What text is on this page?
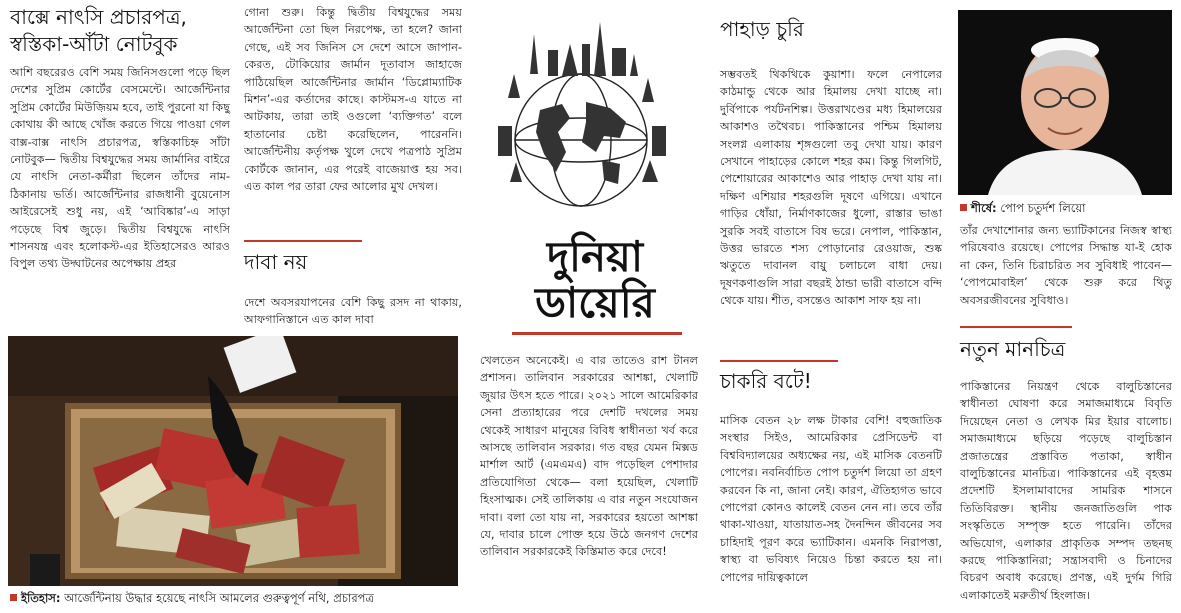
বাক্সে নাৎসি প্রচারপত্র, স্বস্তিকা-আঁটা নোটবুক

আশি বছরেরও বেশি সময় জিনিসগুলো পড়ে ছিল দেশের সুপ্রিম কোর্টের বেসমেন্টে। আর্জেন্টিনার সুপ্রিম কোর্টের মিউজ়িয়ম হবে, তাই পুরনো যা কিছু কোথায় কী আছে খোঁজ করতে গিয়ে পাওয়া গেল বাক্স-বাক্স নাৎসি প্রচারপত্র, স্বস্তিকাচিহ্ন সাঁটা নোটবুক— দ্বিতীয় বিশ্বযুদ্ধের সময় জার্মানির বাইরে যে নাৎসি নেতা-কর্মীরা ছিলেন তাঁদের নাম-ঠিকানায় ভর্তি। আর্জেন্টিনার রাজধানী বুয়েনোস আইরেসেই শুধু নয়, এই ‘আবিষ্কার’-এ সাড়া পড়েছে বিশ্ব জুড়ে। দ্বিতীয় বিশ্বযুদ্ধে নাৎসি শাসনযন্ত্র এবং হলোকস্ট-এর ইতিহাসেরও আরও বিপুল তথ্য উদ্ঘাটনের অপেক্ষায় প্রহর

গোনা শুরু। কিন্তু দ্বিতীয় বিশ্বযুদ্ধের সময় আর্জেন্টিনা তো ছিল নিরপেক্ষ, তা হলে? জানা গেছে, এই সব জিনিস সে দেশে আসে জাপান-কেরত, টোকিয়োর জার্মান দূতাবাস জাহাজে পাঠিয়েছিল আর্জেন্টিনার জার্মান ‘ডিপ্লোম্যাটিক মিশন’-এর কর্তাদের কাছে। কাস্টমস-এ যাতে না আটকায়, তারা তাই ওগুলো ‘ব্যক্তিগত’ বলে হাতানোর চেষ্টা করেছিলেন, পারেননি। আর্জেন্টিনীয় কর্তৃপক্ষ খুলে দেখে পত্রপাঠ সুপ্রিম কোর্টকে জানান, এর পরেই বাজেয়াপ্ত হয় সব। এত কাল পর তারা ফের আলোর মুখ দেখল।

দাবা নয়

দেশে অবসরযাপনের বেশি কিছু রসদ না থাকায়, আফগানিস্তানে এত কাল দাবা

ইতিহাস: আর্জেন্টিনায় উদ্ধার হয়েছে নাৎসি আমলের গুরুত্বপূর্ণ নথি, প্রচারপত্র
দুনিয়া
ডায়েরি

খেলতেন অনেকেই। এ বার তাতেও রাশ টানল প্রশাসন। তালিবান সরকারের আশঙ্কা, খেলাটি জুয়ার উৎস হতে পারে। ২০২১ সালে আমেরিকার সেনা প্রত্যাহারের পরে দেশটি দখলের সময় থেকেই সাধারণ মানুষের বিবিধ স্বাধীনতা খর্ব করে আসছে তালিবান সরকার। গত বছর যেমন মিক্সড মার্শাল আর্ট (এমএমএ) বাদ পড়েছিল পেশাদার প্রতিযোগিতা থেকে— বলা হয়েছিল, খেলাটি হিংসাত্মক। সেই তালিকায় এ বার নতুন সংযোজন দাবা। বলা তো যায় না, সরকারের হয়তো আশঙ্কা যে, দাবার চালে পোক্ত হয়ে উঠে জনগণ দেশের তালিবান সরকারকেই কিস্তিমাত করে দেবে!

পাহাড় চুরি

সম্ভবতই থিকথিকে কুয়াশা। ফলে নেপালের কাঠমান্ডু থেকে আর হিমালয় দেখা যাচ্ছে না। দুর্বিপাকে পর্যটনশিল্প। উত্তরাখণ্ডের মধ্য হিমালয়ের আকাশও তথৈবচ। পাকিস্তানের পশ্চিম হিমালয় সংলগ্ন এলাকায় শৃঙ্গগুলো তবু দেখা যায়। কারণ সেখানে পাহাড়ের কোলে শহর কম। কিন্তু গিলগিট, পেশোয়ারের আকাশেও আর পাহাড় দেখা যায় না। দক্ষিণ এশিয়ার শহরগুলি দূষণে এগিয়ে। এখানে গাড়ির ধোঁয়া, নির্মাণকাজের ধুলো, রাস্তার ভাঙা সুরকি সবই বাতাসে বিষ ভরে। নেপাল, পাকিস্তান, উত্তর ভারতে শস্য পোড়ানোর রেওয়াজ, শুষ্ক ঋতুতে দাবানল বায়ু চলাচলে বাধা দেয়। দূষণকণাগুলি সারা বছরই ঠান্ডা ভারী বাতাসে বন্দি থেকে যায়। শীত, বসন্তেও আকাশ সাফ হয় না।

চাকরি বটে!

মাসিক বেতন ২৮ লক্ষ টাকার বেশি! বহুজাতিক সংস্থার সিইও, আমেরিকার প্রেসিডেন্ট বা বিশ্ববিদ্যালয়ের অধ্যক্ষের নয়, এই মাসিক বেতনটি পোপের। নবনির্বাচিত পোপ চতুর্দশ লিয়ো তা গ্রহণ করবেন কি না, জানা নেই। কারণ, ঐতিহ্যগত ভাবে পোপেরা কোনও কালেই বেতন নেন না। তবে তাঁর থাকা-খাওয়া, যাতায়াত-সহ দৈনন্দিন জীবনের সব চাহিদাই পূরণ করে ভ্যাটিকান। এমনকি নিরাপত্তা, স্বাস্থ্য বা ভবিষ্যৎ নিয়েও চিন্তা করতে হয় না। পোপের দায়িত্বকালে

শীর্ষে: পোপ চতুর্দশ লিয়ো

তাঁর দেখাশোনার জন্য ভ্যাটিকানের নিজস্ব স্বাস্থ্য পরিষেবাও রয়েছে। পোপের সিদ্ধান্ত যা-ই হোক না কেন, তিনি চিরাচরিত সব সুবিধাই পাবেন— ‘পোপমোবাইল’ থেকে শুরু করে থিতু অবসরজীবনের সুবিধাও।

নতুন মানচিত্র

পাকিস্তানের নিয়ন্ত্রণ থেকে বালুচিস্তানের স্বাধীনতা ঘোষণা করে সমাজমাধ্যমে বিবৃতি দিয়েছেন নেতা ও লেখক মির ইয়ার বালোচ। সমাজমাধ্যমে ছড়িয়ে পড়েছে বালুচিস্তান প্রজাতন্ত্রের প্রস্তাবিত পতাকা, স্বাধীন বালুচিস্তানের মানচিত্র। পাকিস্তানের এই বৃহত্তম প্রদেশটি ইসলামাবাদের সামরিক শাসনে তিতিবিরক্ত। স্থানীয় জনজাতিগুলি পাক সংস্কৃতিতে সম্পৃক্ত হতে পারেনি। তাঁদের অভিযোগ, এলাকার প্রাকৃতিক সম্পদ তছনছ করছে পাকিস্তানিরা; সন্ত্রাসবাদী ও চিনাদের বিচরণ অবাধ করেছে। প্রণস্ত, এই দুর্গম গিরি এলাকাতেই মরুতীর্থ হিংলাজ।
